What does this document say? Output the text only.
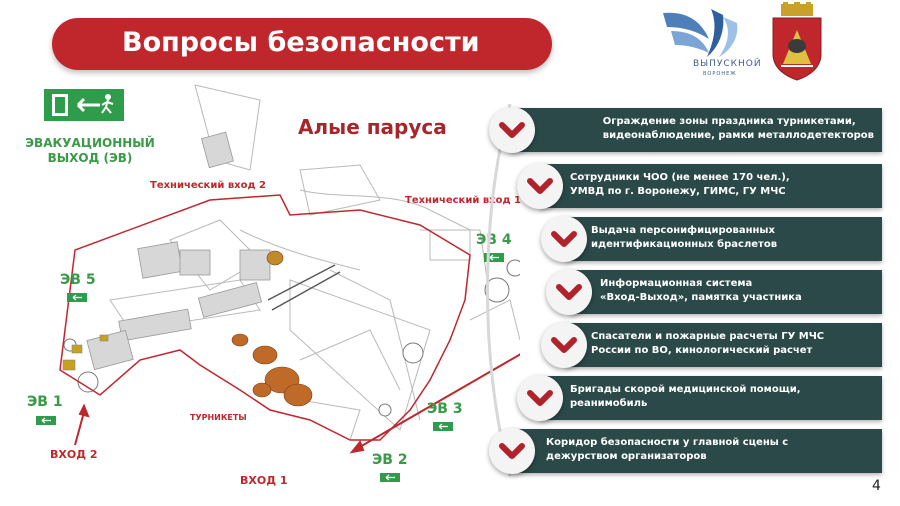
Вопросы безопасности
ВЫПУСКНОЙ
ВОРОНЕЖ
ЭВАКУАЦИОННЫЙ ВЫХОД (ЭВ)
Алые паруса
Технический вход 2
Технический вход 1
ТУРНИКЕТЫ
ВХОД 2
ВХОД 1
ЭВ 1
ЭВ 5
ЭВ 4
ЭВ 3
ЭВ 2
Ограждение зоны праздника турникетами,
видеонаблюдение, рамки металлодетекторов
Сотрудники ЧОО (не менее 170 чел.),
УМВД по г. Воронежу, ГИМС, ГУ МЧС
Выдача персонифицированных
идентификационных браслетов
Информационная система
«Вход-Выход», памятка участника
Спасатели и пожарные расчеты ГУ МЧС
России по ВО, кинологический расчет
Бригады скорой медицинской помощи,
реанимобиль
Коридор безопасности у главной сцены с
дежурством организаторов
4
